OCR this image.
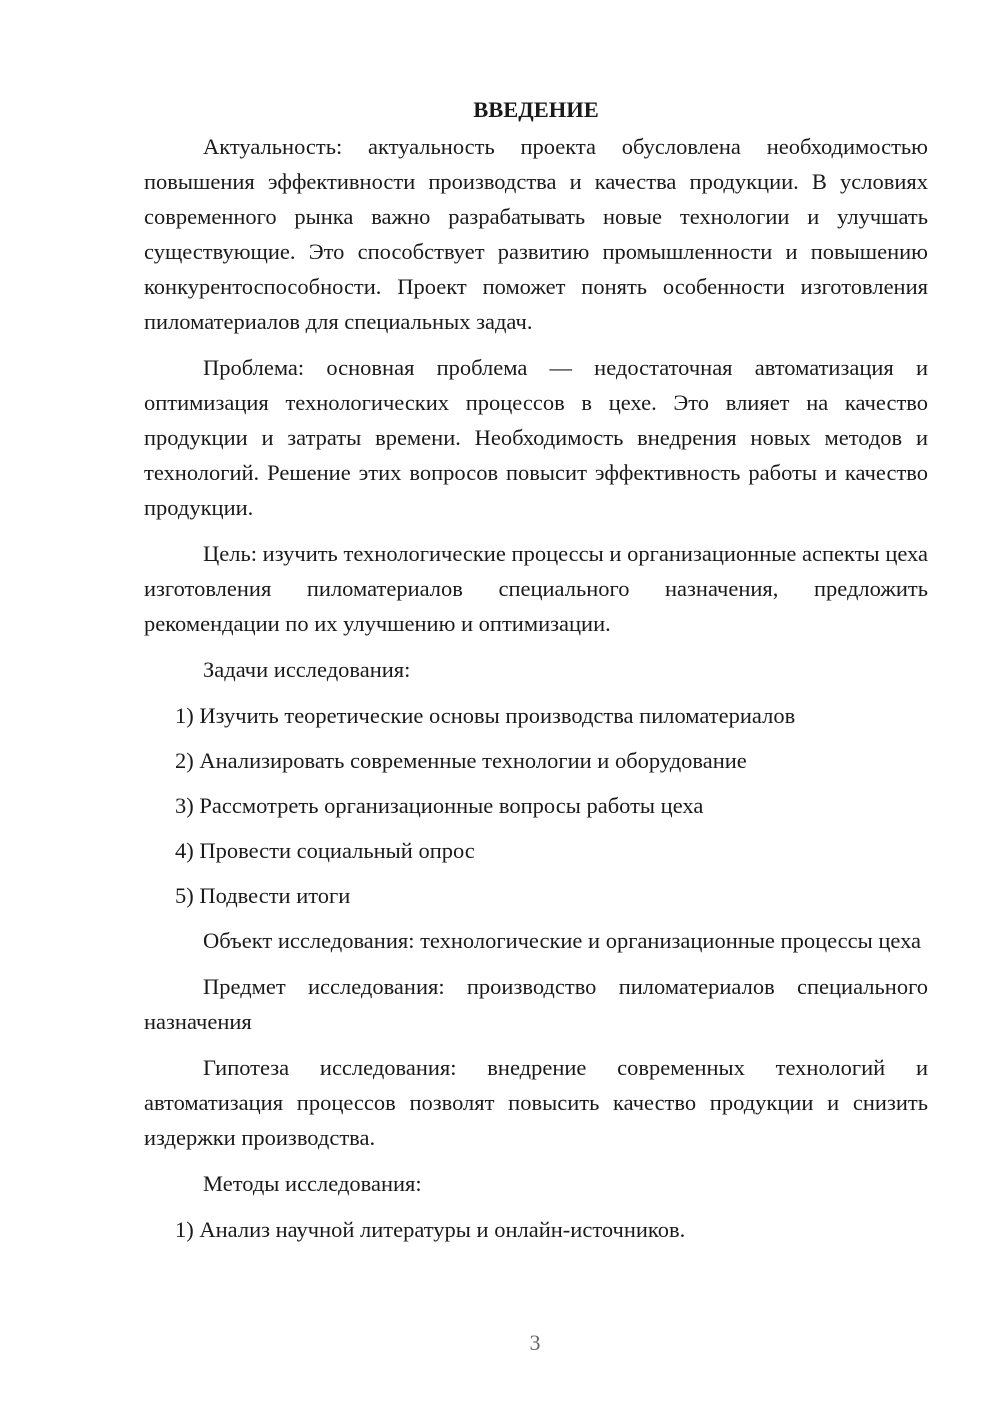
ВВЕДЕНИЕ

Актуальность: актуальность проекта обусловлена необходимостью повышения эффективности производства и качества продукции. В условиях современного рынка важно разрабатывать новые технологии и улучшать существующие. Это способствует развитию промышленности и повышению конкурентоспособности. Проект поможет понять особенности изготовления пиломатериалов для специальных задач.

Проблема: основная проблема — недостаточная автоматизация и оптимизация технологических процессов в цехе. Это влияет на качество продукции и затраты времени. Необходимость внедрения новых методов и технологий. Решение этих вопросов повысит эффективность работы и качество продукции.

Цель: изучить технологические процессы и организационные аспекты цеха изготовления пиломатериалов специального назначения, предложить рекомендации по их улучшению и оптимизации.

Задачи исследования:

1) Изучить теоретические основы производства пиломатериалов

2) Анализировать современные технологии и оборудование

3) Рассмотреть организационные вопросы работы цеха

4) Провести социальный опрос

5) Подвести итоги

Объект исследования: технологические и организационные процессы цеха

Предмет исследования: производство пиломатериалов специального назначения

Гипотеза исследования: внедрение современных технологий и автоматизация процессов позволят повысить качество продукции и снизить издержки производства.

Методы исследования:

1) Анализ научной литературы и онлайн-источников.

3
